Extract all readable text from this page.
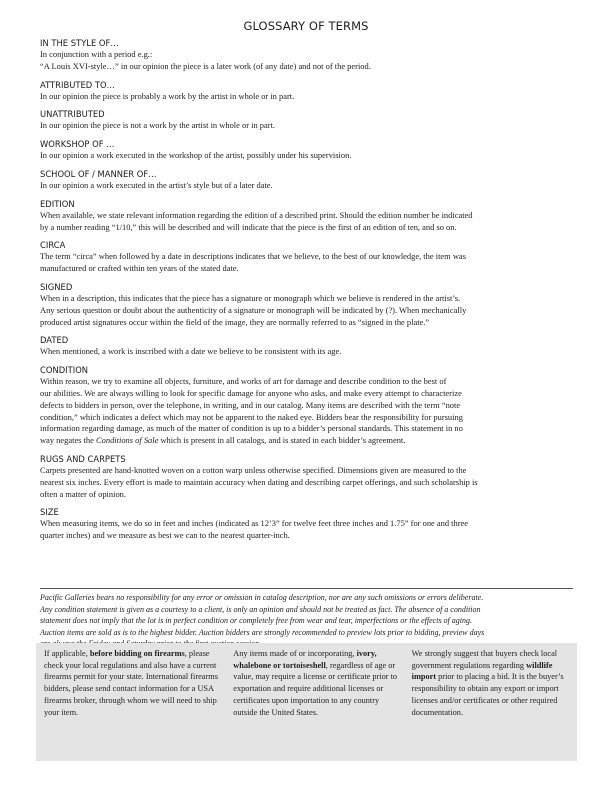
GLOSSARY OF TERMS
IN THE STYLE OF…

In conjunction with a period e.g.:

“A Louis XVI-style…” in our opinion the piece is a later work (of any date) and not of the period.

ATTRIBUTED TO…

In our opinion the piece is probably a work by the artist in whole or in part.

UNATTRIBUTED

In our opinion the piece is not a work by the artist in whole or in part.

WORKSHOP OF …

In our opinion a work executed in the workshop of the artist, possibly under his supervision.

SCHOOL OF / MANNER OF…

In our opinion a work executed in the artist’s style but of a later date.

EDITION

When available, we state relevant information regarding the edition of a described print. Should the edition number be indicated

by a number reading “1/10,” this will be described and will indicate that the piece is the first of an edition of ten, and so on.

CIRCA

The term “circa” when followed by a date in descriptions indicates that we believe, to the best of our knowledge, the item was

manufactured or crafted within ten years of the stated date.

SIGNED

When in a description, this indicates that the piece has a signature or monograph which we believe is rendered in the artist’s.

Any serious question or doubt about the authenticity of a signature or monograph will be indicated by (?). When mechanically

produced artist signatures occur within the field of the image, they are normally referred to as “signed in the plate.”

DATED

When mentioned, a work is inscribed with a date we believe to be consistent with its age.

CONDITION

Within reason, we try to examine all objects, furniture, and works of art for damage and describe condition to the best of

our abilities. We are always willing to look for specific damage for anyone who asks, and make every attempt to characterize

defects to bidders in person, over the telephone, in writing, and in our catalog. Many items are described with the term “note

condition,” which indicates a defect which may not be apparent to the naked eye. Bidders bear the responsibility for pursuing

information regarding damage, as much of the matter of condition is up to a bidder’s personal standards. This statement in no

way negates the Conditions of Sale which is present in all catalogs, and is stated in each bidder’s agreement.

RUGS AND CARPETS

Carpets presented are hand-knotted woven on a cotton warp unless otherwise specified. Dimensions given are measured to the

nearest six inches. Every effort is made to maintain accuracy when dating and describing carpet offerings, and such scholarship is

often a matter of opinion.

SIZE

When measuring items, we do so in feet and inches (indicated as 12’3” for twelve feet three inches and 1.75” for one and three

quarter inches) and we measure as best we can to the nearest quarter-inch.

Pacific Galleries bears no responsibility for any error or omission in catalog description, nor are any such omissions or errors deliberate.
Any condition statement is given as a courtesy to a client, is only an opinion and should not be treated as fact. The absence of a condition
statement does not imply that the lot is in perfect condition or completely free from wear and tear, imperfections or the effects of aging.
Auction items are sold as is to the highest bidder. Auction bidders are strongly recommended to preview lots prior to bidding, preview days
If applicable, before bidding on firearms, please check your local regulations and also have a current firearms permit for your state. International firearms bidders, please send contact information for a USA firearms broker, through whom we will need to ship your item.
Any items made of or incorporating, ivory, whalebone or tortoiseshell, regardless of age or value, may require a license or certificate prior to exportation and require additional licenses or certificates upon importation to any country outside the United States.
We strongly suggest that buyers check local government regulations regarding wildlife import prior to placing a bid. It is the buyer’s responsibility to obtain any export or import licenses and/or certificates or other required documentation.
